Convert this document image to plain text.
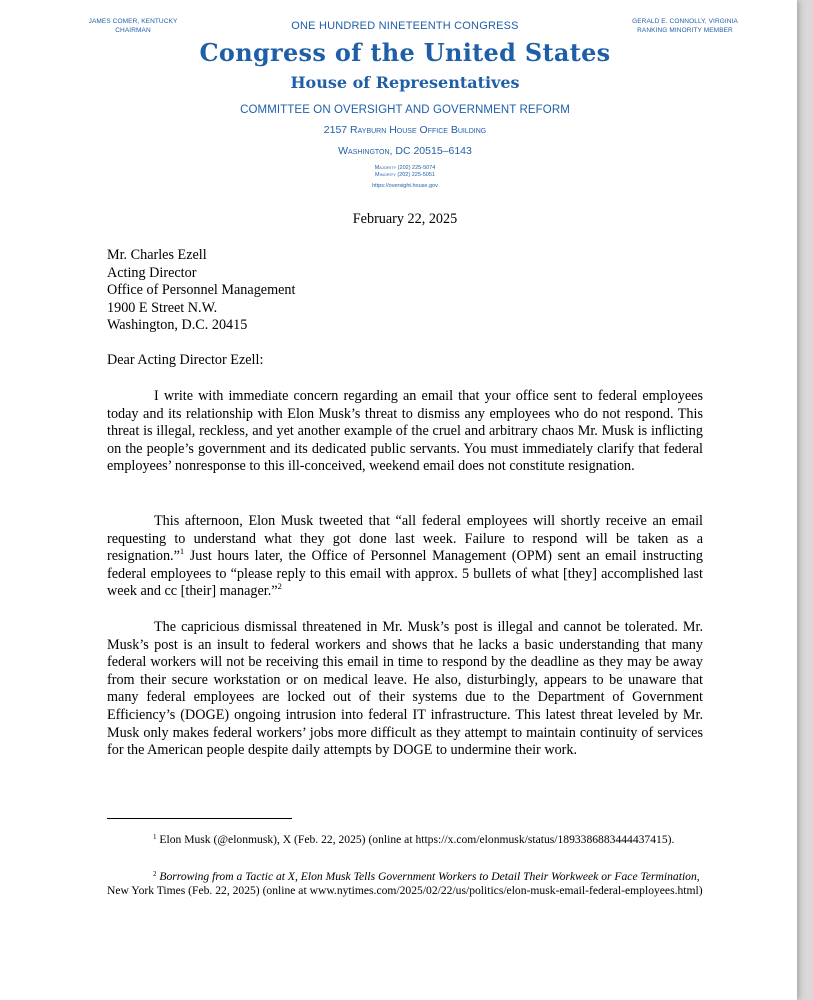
JAMES COMER, KENTUCKY
CHAIRMAN
GERALD E. CONNOLLY, VIRGINIA
RANKING MINORITY MEMBER
ONE HUNDRED NINETEENTH CONGRESS
Congress of the United States
House of Representatives
COMMITTEE ON OVERSIGHT AND GOVERNMENT REFORM
2157 Rayburn House Office Building
Washington, DC 20515–6143
Majority (202) 225-5074
Minority (202) 225-5051
https://oversight.house.gov
February 22, 2025
Mr. Charles Ezell
Acting Director
Office of Personnel Management
1900 E Street N.W.
Washington, D.C. 20415
Dear Acting Director Ezell:

I write with immediate concern regarding an email that your office sent to federal employees today and its relationship with Elon Musk’s threat to dismiss any employees who do not respond. This threat is illegal, reckless, and yet another example of the cruel and arbitrary chaos Mr. Musk is inflicting on the people’s government and its dedicated public servants. You must immediately clarify that federal employees’ nonresponse to this ill-conceived, weekend email does not constitute resignation.

This afternoon, Elon Musk tweeted that “all federal employees will shortly receive an email requesting to understand what they got done last week. Failure to respond will be taken as a resignation.”$^1$ Just hours later, the Office of Personnel Management (OPM) sent an email instructing federal employees to “please reply to this email with approx. 5 bullets of what [they] accomplished last week and cc [their] manager.”$^2$

The capricious dismissal threatened in Mr. Musk’s post is illegal and cannot be tolerated. Mr. Musk’s post is an insult to federal workers and shows that he lacks a basic understanding that many federal workers will not be receiving this email in time to respond by the deadline as they may be away from their secure workstation or on medical leave. He also, disturbingly, appears to be unaware that many federal employees are locked out of their systems due to the Department of Government Efficiency’s (DOGE) ongoing intrusion into federal IT infrastructure. This latest threat leveled by Mr. Musk only makes federal workers’ jobs more difficult as they attempt to maintain continuity of services for the American people despite daily attempts by DOGE to undermine their work.

$^1$ Elon Musk (@elonmusk), X (Feb. 22, 2025) (online at https://x.com/elonmusk/status/1893386883444437415).

$^2$ Borrowing from a Tactic at X, Elon Musk Tells Government Workers to Detail Their Workweek or Face Termination, New York Times (Feb. 22, 2025) (online at www.nytimes.com/2025/02/22/us/politics/elon-musk-email-federal-employees.html)
